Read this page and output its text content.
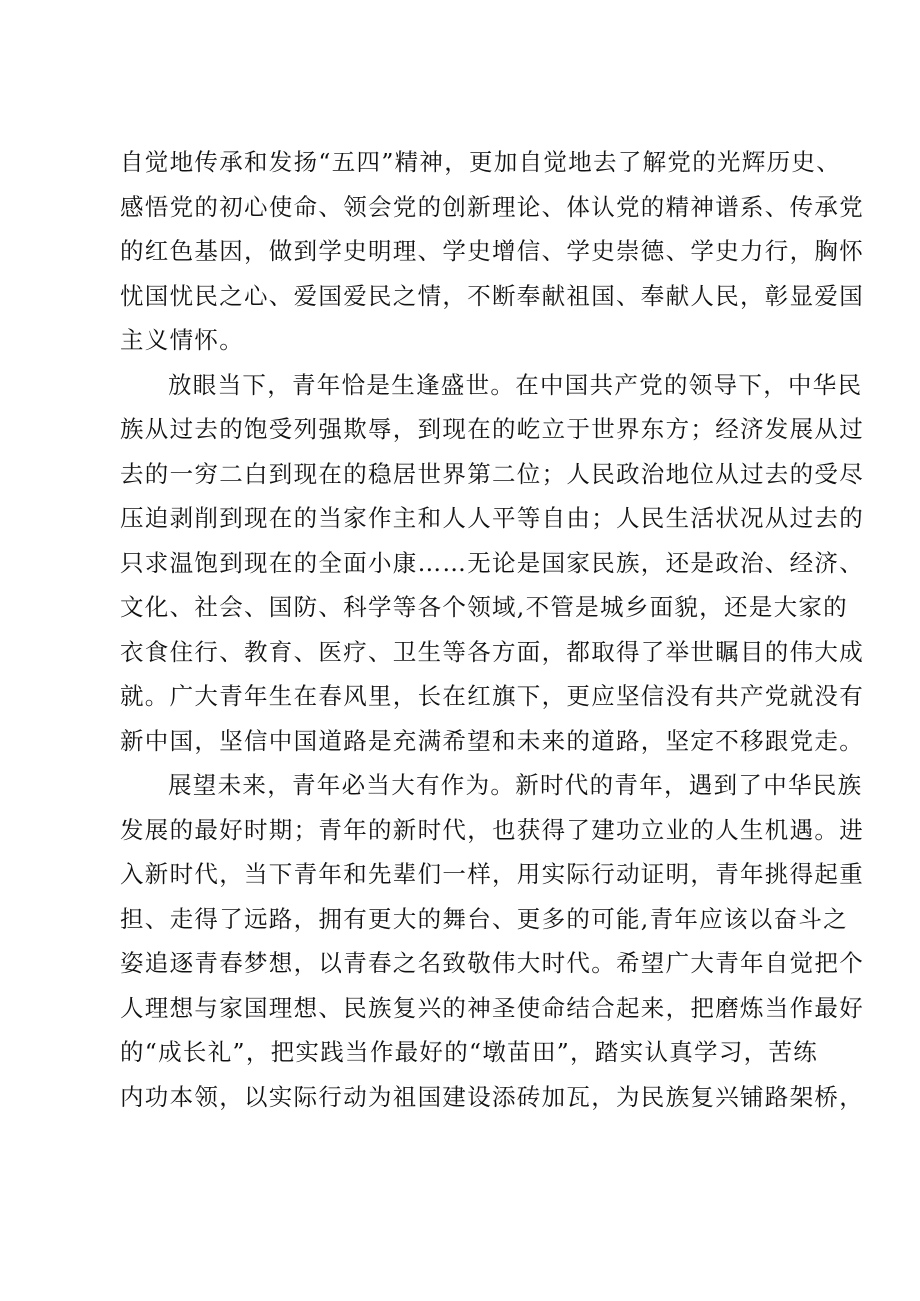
自觉地传承和发扬“五四”精神，更加自觉地去了解党的光辉历史、
感悟党的初心使命、领会党的创新理论、体认党的精神谱系、传承党
的红色基因，做到学史明理、学史增信、学史崇德、学史力行，胸怀
忧国忧民之心、爱国爱民之情，不断奉献祖国、奉献人民，彰显爱国
主义情怀。
放眼当下，青年恰是生逢盛世。在中国共产党的领导下，中华民
族从过去的饱受列强欺辱，到现在的屹立于世界东方；经济发展从过
去的一穷二白到现在的稳居世界第二位；人民政治地位从过去的受尽
压迫剥削到现在的当家作主和人人平等自由；人民生活状况从过去的
只求温饱到现在的全面小康……无论是国家民族，还是政治、经济、
文化、社会、国防、科学等各个领域,不管是城乡面貌，还是大家的
衣食住行、教育、医疗、卫生等各方面，都取得了举世瞩目的伟大成
就。广大青年生在春风里，长在红旗下，更应坚信没有共产党就没有
新中国，坚信中国道路是充满希望和未来的道路，坚定不移跟党走。
展望未来，青年必当大有作为。新时代的青年，遇到了中华民族
发展的最好时期；青年的新时代，也获得了建功立业的人生机遇。进
入新时代，当下青年和先辈们一样，用实际行动证明，青年挑得起重
担、走得了远路，拥有更大的舞台、更多的可能,青年应该以奋斗之
姿追逐青春梦想，以青春之名致敬伟大时代。希望广大青年自觉把个
人理想与家国理想、民族复兴的神圣使命结合起来，把磨炼当作最好
的“成长礼”，把实践当作最好的“墩苗田”，踏实认真学习，苦练
内功本领，以实际行动为祖国建设添砖加瓦，为民族复兴铺路架桥，
